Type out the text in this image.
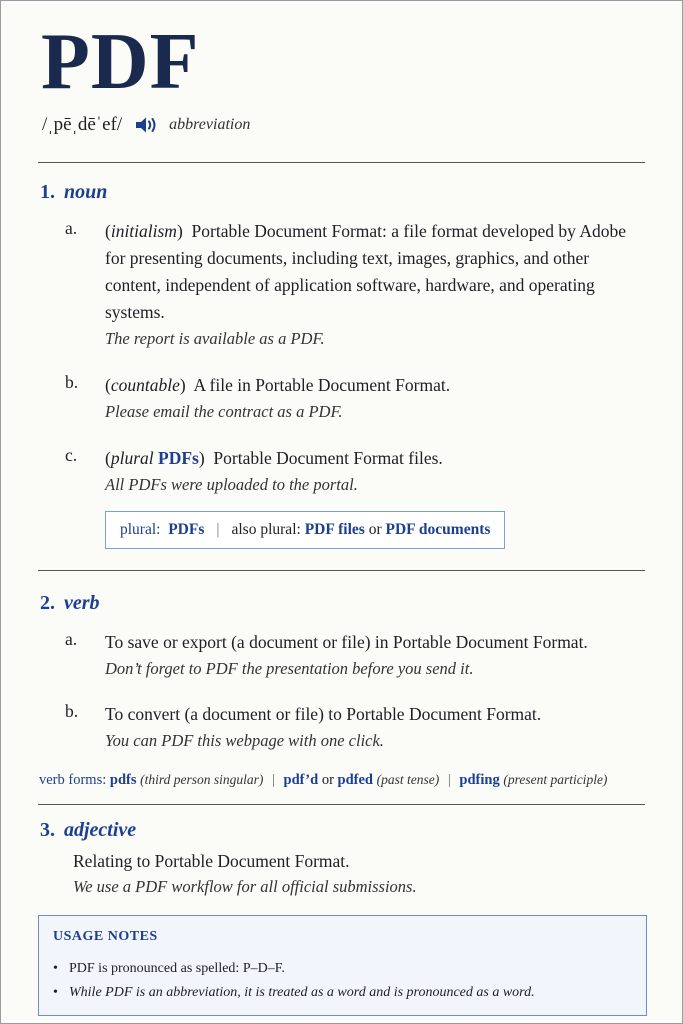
PDF
/ˌpēˌdēˈef/	abbreviation
1. noun
a.	(initialism)  Portable Document Format: a file format developed by Adobe for presenting documents, including text, images, graphics, and other content, independent of application software, hardware, and operating systems.
The report is available as a PDF.
b.	(countable)  A file in Portable Document Format.
Please email the contract as a PDF.
c.	(plural PDFs)  Portable Document Format files.
All PDFs were uploaded to the portal.
plural:
PDFs | also plural:
PDF files
or
PDF documents
2. verb
a.	To save or export (a document or file) in Portable Document Format.
Don’t forget to PDF the presentation before you send it.
b.	To convert (a document or file) to Portable Document Format.
You can PDF this webpage with one click.
verb forms: pdfs (third person singular) | pdf’d or pdfed (past tense) | pdfing (present participle)
3. adjective
Relating to Portable Document Format.
We use a PDF workflow for all official submissions.
USAGE NOTES
• PDF is pronounced as spelled: P–D–F.
• While PDF is an abbreviation, it is treated as a word and is pronounced as a word.
